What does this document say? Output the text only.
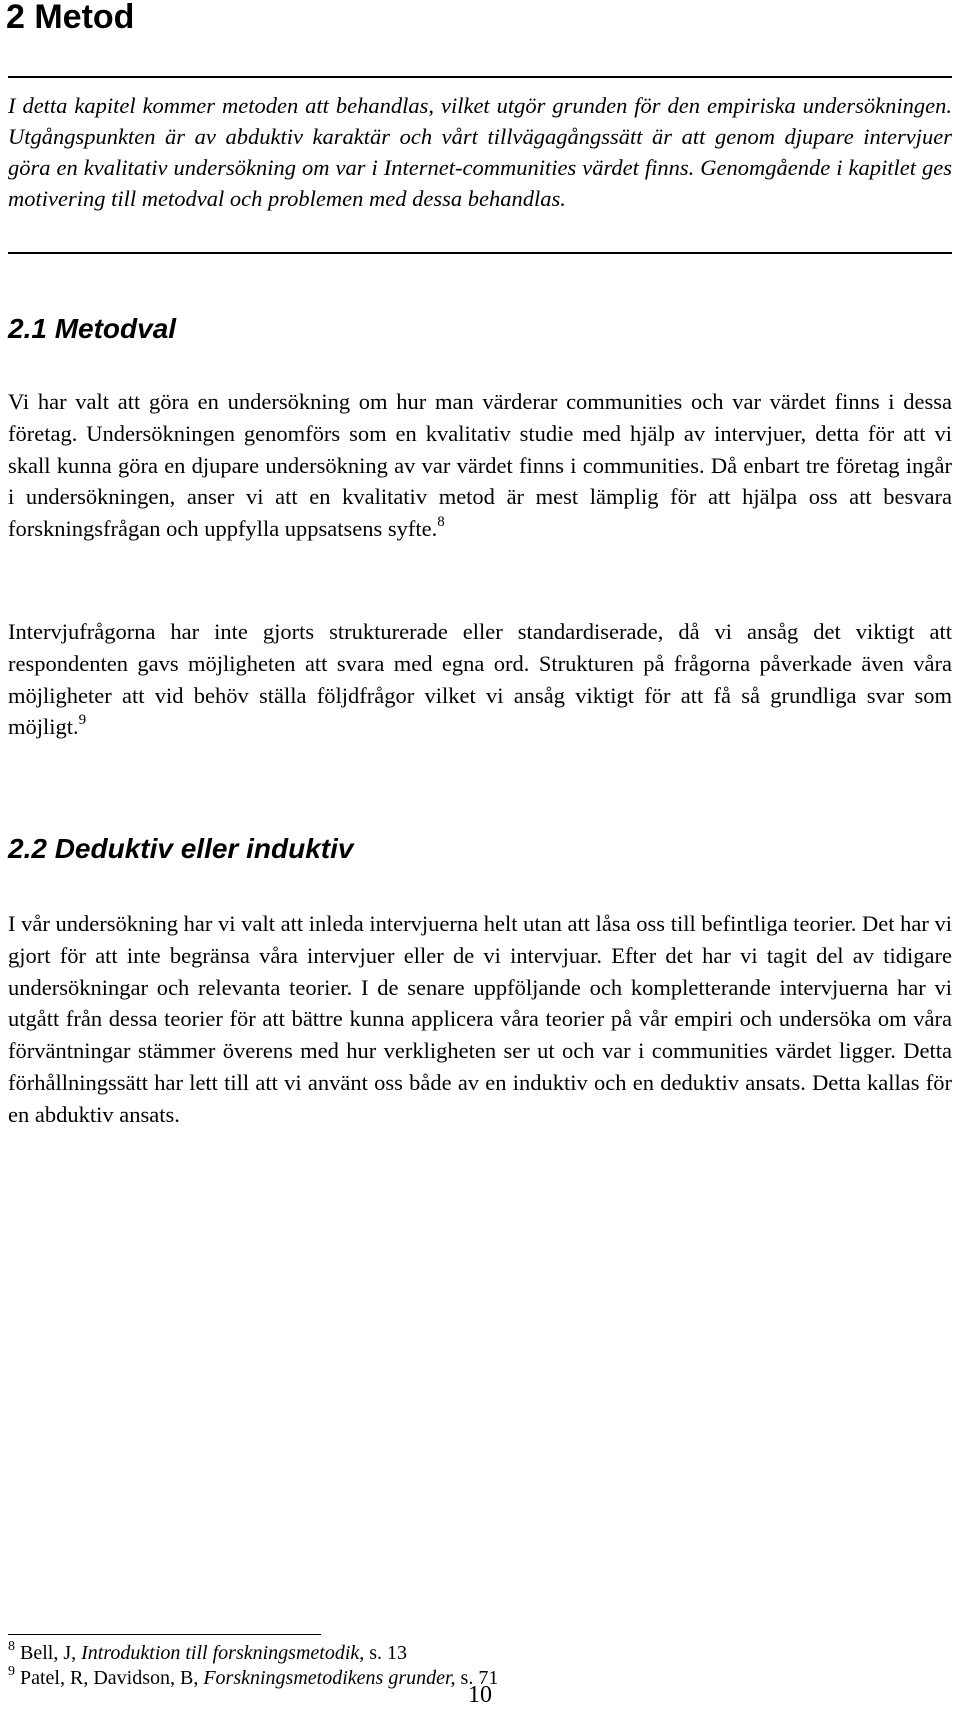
2 Metod

I detta kapitel kommer metoden att behandlas, vilket utgör grunden för den empiriska undersökningen. Utgångspunkten är av abduktiv karaktär och vårt tillvägagångssätt är att genom djupare intervjuer göra en kvalitativ undersökning om var i Internet-communities värdet finns. Genomgående i kapitlet ges motivering till metodval och problemen med dessa behandlas.

2.1 Metodval

Vi har valt att göra en undersökning om hur man värderar communities och var värdet finns i dessa företag. Undersökningen genomförs som en kvalitativ studie med hjälp av intervjuer, detta för att vi skall kunna göra en djupare undersökning av var värdet finns i communities. Då enbart tre företag ingår i undersökningen, anser vi att en kvalitativ metod är mest lämplig för att hjälpa oss att besvara forskningsfrågan och uppfylla uppsatsens syfte.$^8$

Intervjufrågorna har inte gjorts strukturerade eller standardiserade, då vi ansåg det viktigt att respondenten gavs möjligheten att svara med egna ord. Strukturen på frågorna påverkade även våra möjligheter att vid behöv ställa följdfrågor vilket vi ansåg viktigt för att få så grundliga svar som möjligt.$^9$

2.2 Deduktiv eller induktiv

I vår undersökning har vi valt att inleda intervjuerna helt utan att låsa oss till befintliga teorier. Det har vi gjort för att inte begränsa våra intervjuer eller de vi intervjuar. Efter det har vi tagit del av tidigare undersökningar och relevanta teorier. I de senare uppföljande och kompletterande intervjuerna har vi utgått från dessa teorier för att bättre kunna applicera våra teorier på vår empiri och undersöka om våra förväntningar stämmer överens med hur verkligheten ser ut och var i communities värdet ligger. Detta förhållningssätt har lett till att vi använt oss både av en induktiv och en deduktiv ansats. Detta kallas för en abduktiv ansats.

$^8$ Bell, J, Introduktion till forskningsmetodik, s. 13

$^9$ Patel, R, Davidson, B, Forskningsmetodikens grunder, s. 71

10
